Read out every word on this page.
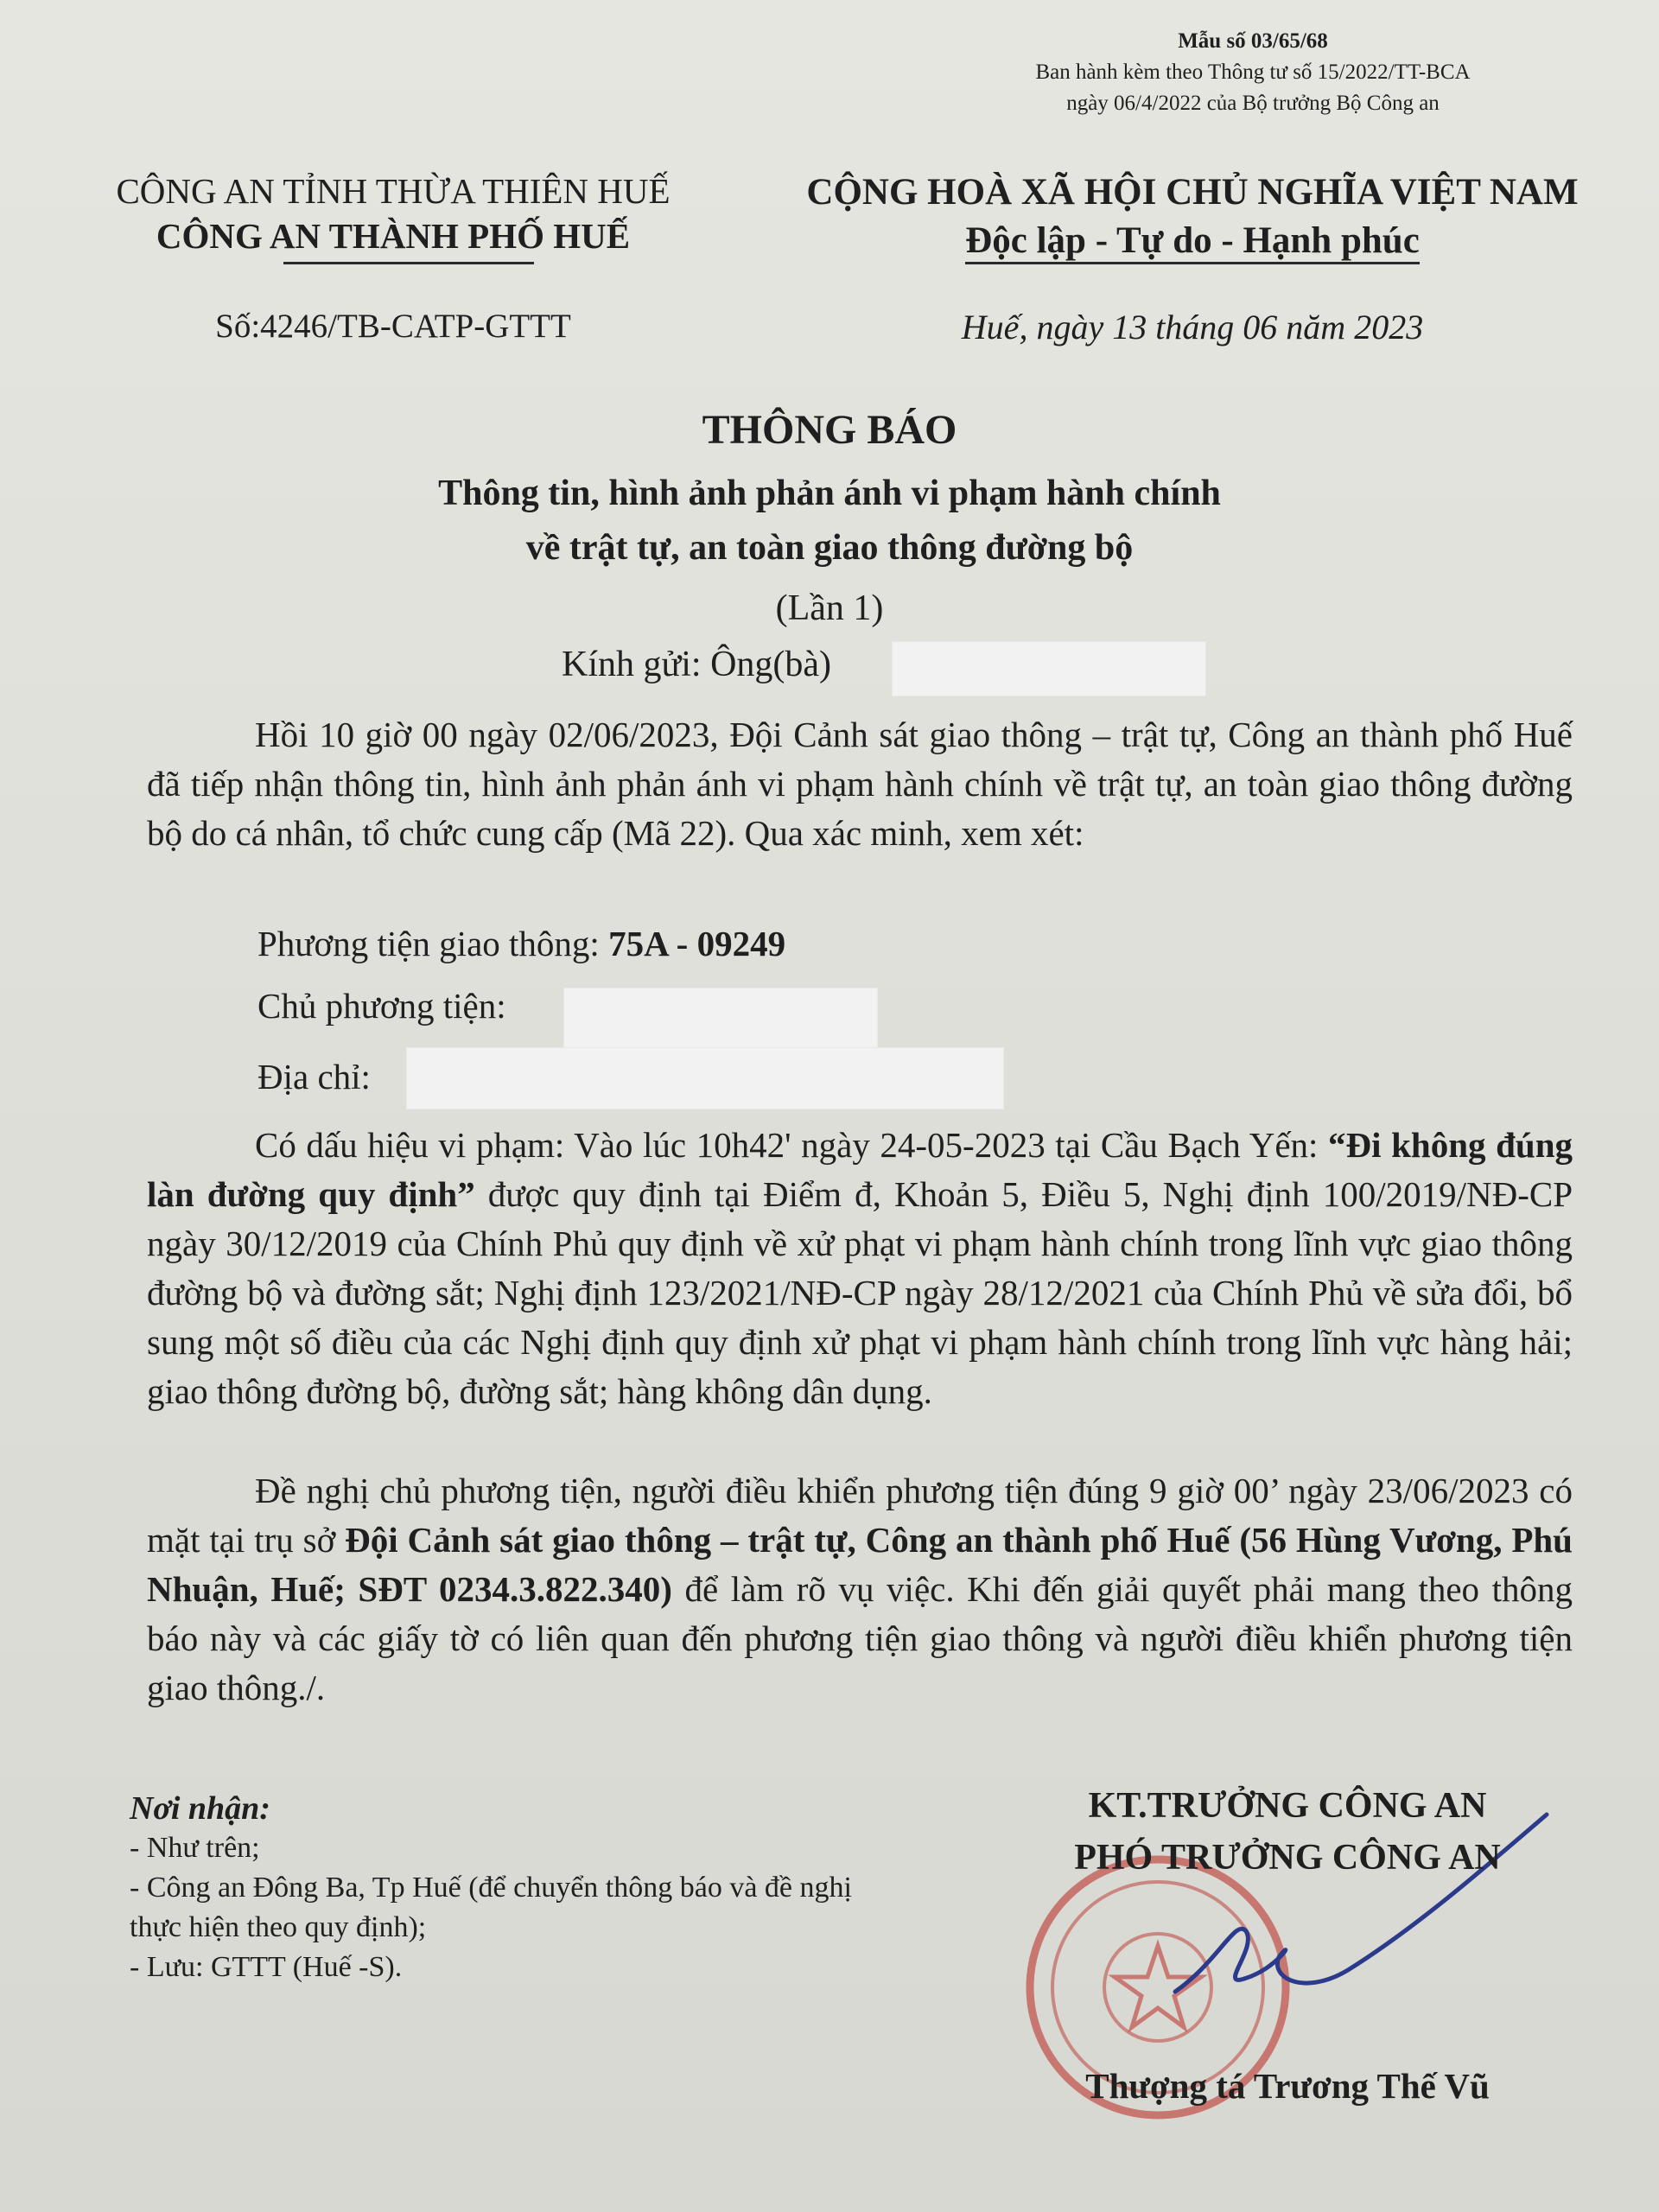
Mẫu số 03/65/68
Ban hành kèm theo Thông tư số 15/2022/TT-BCA
ngày 06/4/2022 của Bộ trưởng Bộ Công an
CÔNG AN TỈNH THỪA THIÊN HUẾ
CÔNG AN THÀNH PHỐ HUẾ
CỘNG HOÀ XÃ HỘI CHỦ NGHĨA VIỆT NAM
Độc lập - Tự do - Hạnh phúc
Số:4246/TB-CATP-GTTT	Huế, ngày 13 tháng 06 năm 2023
THÔNG BÁO
Thông tin, hình ảnh phản ánh vi phạm hành chính
về trật tự, an toàn giao thông đường bộ
(Lần 1)
Kính gửi: Ông(bà)
Hồi 10 giờ 00 ngày 02/06/2023, Đội Cảnh sát giao thông – trật tự, Công an thành phố Huế đã tiếp nhận thông tin, hình ảnh phản ánh vi phạm hành chính về trật tự, an toàn giao thông đường bộ do cá nhân, tổ chức cung cấp (Mã 22). Qua xác minh, xem xét:
Phương tiện giao thông: 75A - 09249
Chủ phương tiện:
Địa chỉ:
Có dấu hiệu vi phạm: Vào lúc 10h42' ngày 24-05-2023 tại Cầu Bạch Yến: “Đi không đúng làn đường quy định” được quy định tại Điểm đ, Khoản 5, Điều 5, Nghị định 100/2019/NĐ-CP ngày 30/12/2019 của Chính Phủ quy định về xử phạt vi phạm hành chính trong lĩnh vực giao thông đường bộ và đường sắt; Nghị định 123/2021/NĐ-CP ngày 28/12/2021 của Chính Phủ về sửa đổi, bổ sung một số điều của các Nghị định quy định xử phạt vi phạm hành chính trong lĩnh vực hàng hải; giao thông đường bộ, đường sắt; hàng không dân dụng.
Đề nghị chủ phương tiện, người điều khiển phương tiện đúng 9 giờ 00’ ngày 23/06/2023 có mặt tại trụ sở Đội Cảnh sát giao thông – trật tự, Công an thành phố Huế (56 Hùng Vương, Phú Nhuận, Huế; SĐT 0234.3.822.340) để làm rõ vụ việc. Khi đến giải quyết phải mang theo thông báo này và các giấy tờ có liên quan đến phương tiện giao thông và người điều khiển phương tiện giao thông./.
Nơi nhận:
- Như trên;
- Công an Đông Ba, Tp Huế (để chuyển thông báo và đề nghị thực hiện theo quy định);
- Lưu: GTTT (Huế -S).
KT.TRƯỞNG CÔNG AN
PHÓ TRƯỞNG CÔNG AN
Thượng tá Trương Thế Vũ
